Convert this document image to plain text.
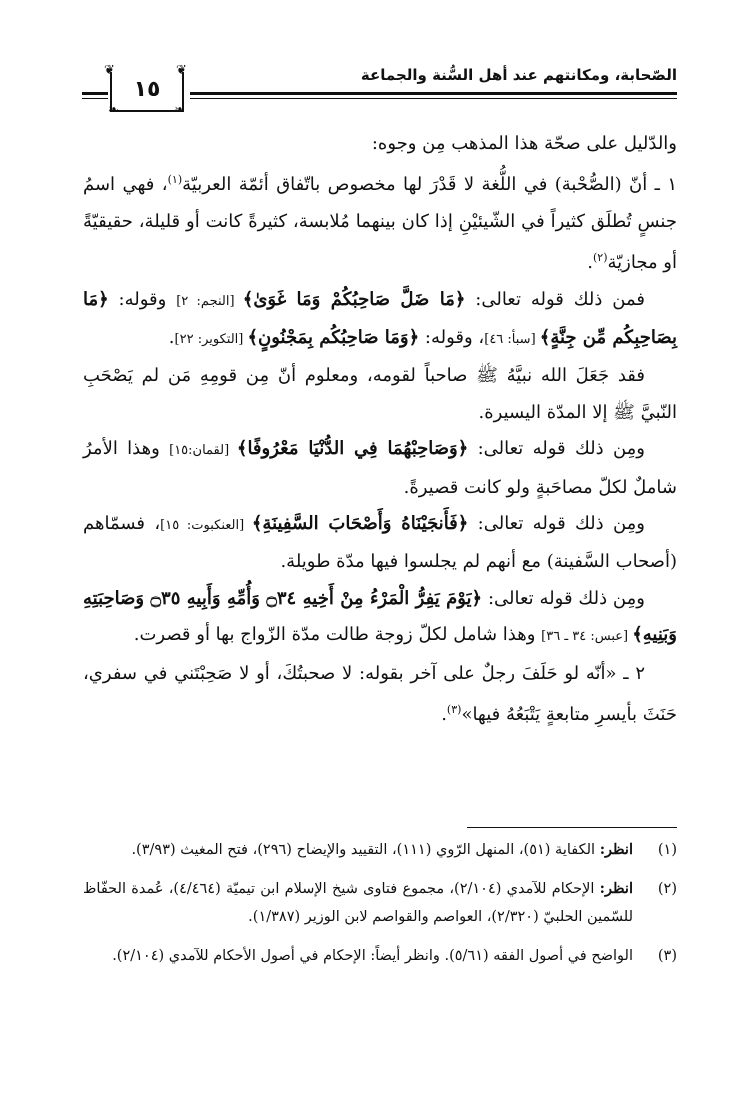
الصّحابة، ومكانتهم عند أهل السُّنة والجماعة
❦	❦
❧	❧
١٥

والدّليل على صحّة هذا المذهب مِن وجوه:

١ ـ أنّ (الصُّحْبة) في اللُّغة لا قَدْرَ لها مخصوص باتّفاق أئمّة العربيّة$^{(١)}$، فهي اسمُ جنسٍ تُطلَق كثيراً في الشّيئيْنِ إذا كان بينهما مُلابسة، كثيرةً كانت أو قليلة، حقيقيّةً أو مجازيّة$^{(٢)}$.

فمن ذلك قوله تعالى: ﴿مَا ضَلَّ صَاحِبُكُمْ وَمَا غَوَىٰ﴾ [النجم: ٢] وقوله: ﴿مَا بِصَاحِبِكُم مِّن جِنَّةٍ﴾ [سبأ: ٤٦]، وقوله: ﴿وَمَا صَاحِبُكُم بِمَجْنُونٍ﴾ [التكوير: ٢٢].

فقد جَعَلَ الله نبيَّهُ ﷺ صاحباً لقومه، ومعلوم أنّ مِن قومِهِ مَن لم يَصْحَبِ النّبيَّ ﷺ إلا المدّة اليسيرة.

ومِن ذلك قوله تعالى: ﴿وَصَاحِبْهُمَا فِي الدُّنْيَا مَعْرُوفًا﴾ [لقمان:١٥] وهذا الأمرُ شاملٌ لكلّ مصاحَبةٍ ولو كانت قصيرةً.

ومِن ذلك قوله تعالى: ﴿فَأَنجَيْنَاهُ وَأَصْحَابَ السَّفِينَةِ﴾ [العنكبوت: ١٥]، فسمّاهم (أصحاب السَّفينة) مع أنهم لم يجلسوا فيها مدّة طويلة.

ومِن ذلك قوله تعالى: ﴿يَوْمَ يَفِرُّ الْمَرْءُ مِنْ أَخِيهِ ۝٣٤ وَأُمِّهِ وَأَبِيهِ ۝٣٥ وَصَاحِبَتِهِ وَبَنِيهِ﴾ [عبس: ٣٤ ـ ٣٦] وهذا شامل لكلّ زوجة طالت مدّة الزّواج بها أو قصرت.

٢ ـ «أنّه لو حَلَفَ رجلٌ على آخر بقوله: لا صحبتُكَ، أو لا صَحِبْتَني في سفري، حَنَثَ بأيسرِ متابعةٍ يَتْبَعُهُ فيها»$^{(٣)}$.

(١)
انظر: الكفاية (٥١)، المنهل الرّوي (١١١)، التقييد والإيضاح (٢٩٦)، فتح المغيث (٣/٩٣).
(٢)
انظر: الإحكام للآمدي (٢/١٠٤)، مجموع فتاوى شيخ الإسلام ابن تيميّة (٤/٤٦٤)، عُمدة الحفّاظ للسّمين الحلبيّ (٢/٣٢٠)، العواصم والقواصم لابن الوزير (١/٣٨٧).
(٣)
الواضح في أصول الفقه (٥/٦١). وانظر أيضاً: الإحكام في أصول الأحكام للآمدي (٢/١٠٤).
